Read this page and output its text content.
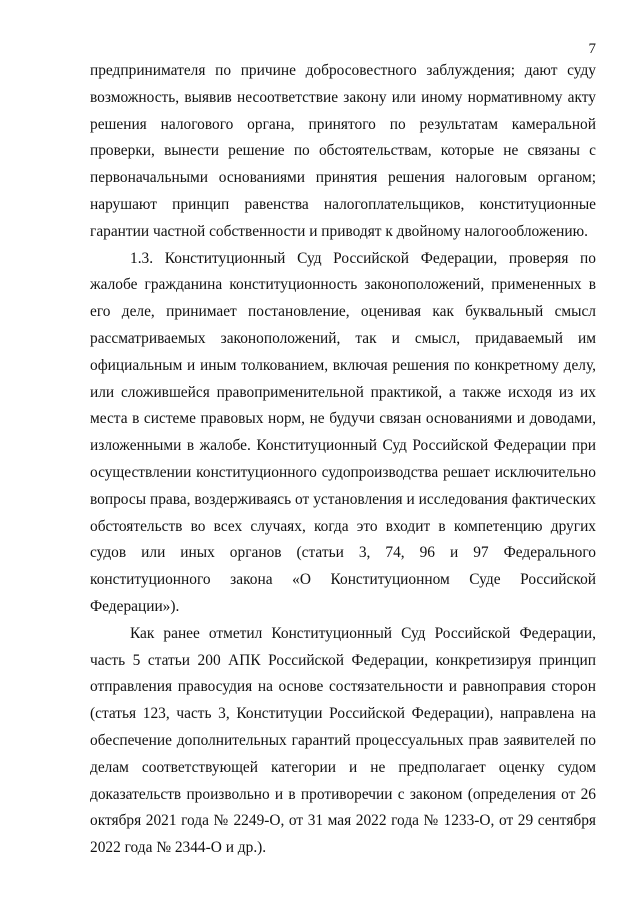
7
предпринимателя по причине добросовестного заблуждения; дают суду
возможность, выявив несоответствие закону или иному нормативному акту
решения налогового органа, принятого по результатам камеральной
проверки, вынести решение по обстоятельствам, которые не связаны с
первоначальными основаниями принятия решения налоговым органом;
нарушают принцип равенства налогоплательщиков, конституционные
гарантии частной собственности и приводят к двойному налогообложению.
1.3. Конституционный Суд Российской Федерации, проверяя по
жалобе гражданина конституционность законоположений, примененных в
его деле, принимает постановление, оценивая как буквальный смысл
рассматриваемых законоположений, так и смысл, придаваемый им
официальным и иным толкованием, включая решения по конкретному делу,
или сложившейся правоприменительной практикой, а также исходя из их
места в системе правовых норм, не будучи связан основаниями и доводами,
изложенными в жалобе. Конституционный Суд Российской Федерации при
осуществлении конституционного судопроизводства решает исключительно
вопросы права, воздерживаясь от установления и исследования фактических
обстоятельств во всех случаях, когда это входит в компетенцию других
судов или иных органов (статьи 3, 74, 96 и 97 Федерального
конституционного закона «О Конституционном Суде Российской
Федерации»).
Как ранее отметил Конституционный Суд Российской Федерации,
часть 5 статьи 200 АПК Российской Федерации, конкретизируя принцип
отправления правосудия на основе состязательности и равноправия сторон
(статья 123, часть 3, Конституции Российской Федерации), направлена на
обеспечение дополнительных гарантий процессуальных прав заявителей по
делам соответствующей категории и не предполагает оценку судом
доказательств произвольно и в противоречии с законом (определения от 26
октября 2021 года № 2249-О, от 31 мая 2022 года № 1233-О, от 29 сентября
2022 года № 2344-О и др.).
